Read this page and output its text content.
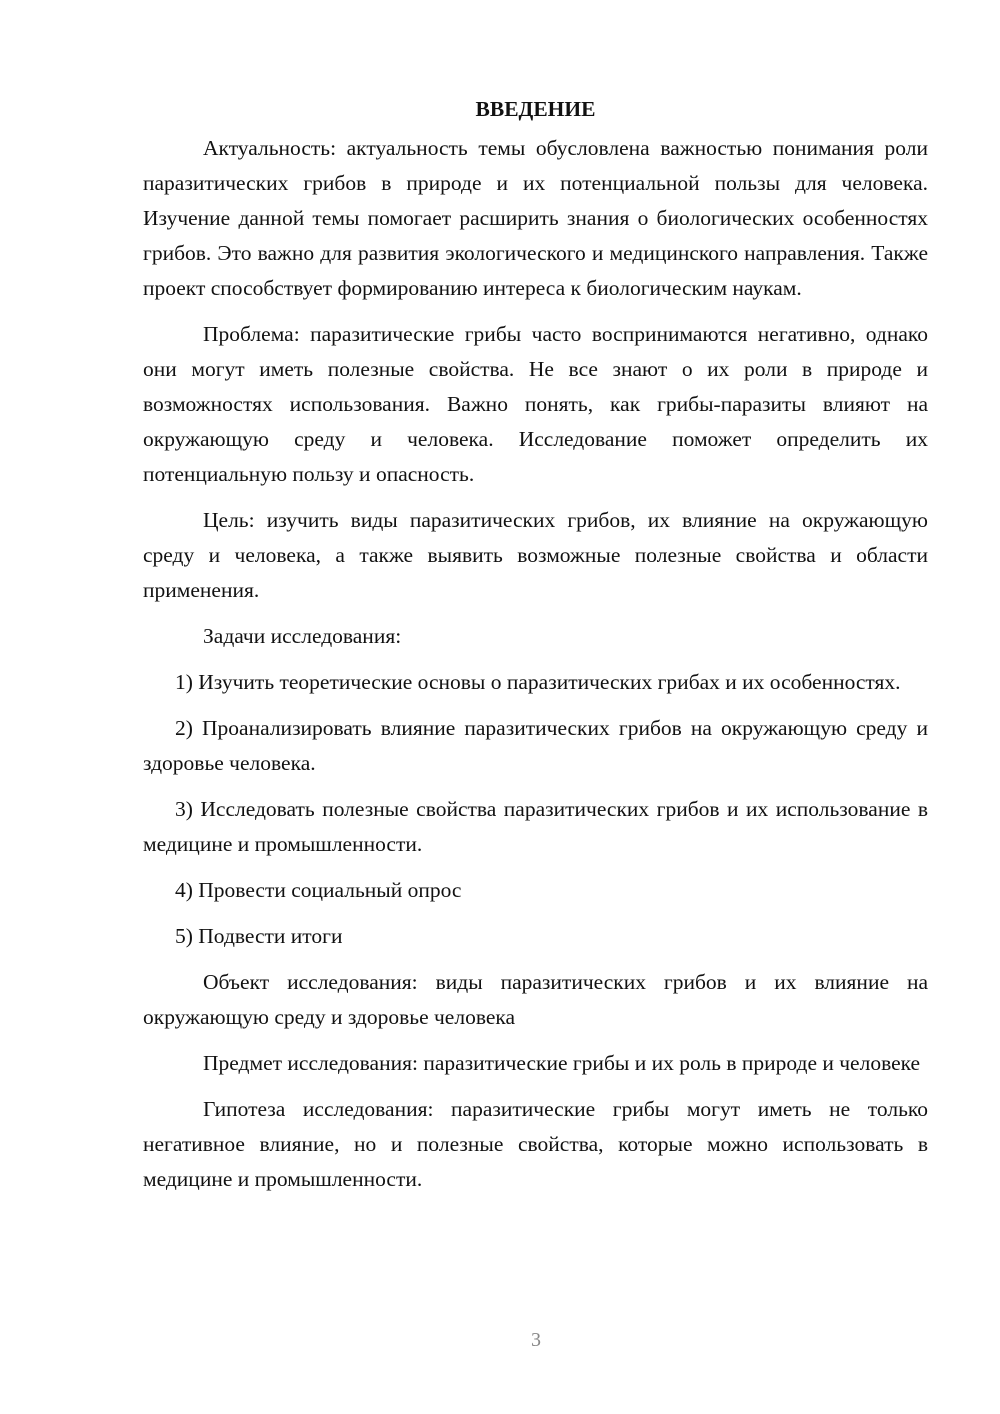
ВВЕДЕНИЕ

Актуальность: актуальность темы обусловлена важностью понимания роли паразитических грибов в природе и их потенциальной пользы для человека. Изучение данной темы помогает расширить знания о биологических особенностях грибов. Это важно для развития экологического и медицинского направления. Также проект способствует формированию интереса к биологическим наукам.

Проблема: паразитические грибы часто воспринимаются негативно, однако они могут иметь полезные свойства. Не все знают о их роли в природе и возможностях использования. Важно понять, как грибы-паразиты влияют на окружающую среду и человека. Исследование поможет определить их потенциальную пользу и опасность.

Цель: изучить виды паразитических грибов, их влияние на окружающую среду и человека, а также выявить возможные полезные свойства и области применения.

Задачи исследования:

1) Изучить теоретические основы о паразитических грибах и их особенностях.

2) Проанализировать влияние паразитических грибов на окружающую среду и здоровье человека.

3) Исследовать полезные свойства паразитических грибов и их использование в медицине и промышленности.

4) Провести социальный опрос

5) Подвести итоги

Объект исследования: виды паразитических грибов и их влияние на окружающую среду и здоровье человека

Предмет исследования: паразитические грибы и их роль в природе и человеке

Гипотеза исследования: паразитические грибы могут иметь не только негативное влияние, но и полезные свойства, которые можно использовать в медицине и промышленности.

3
